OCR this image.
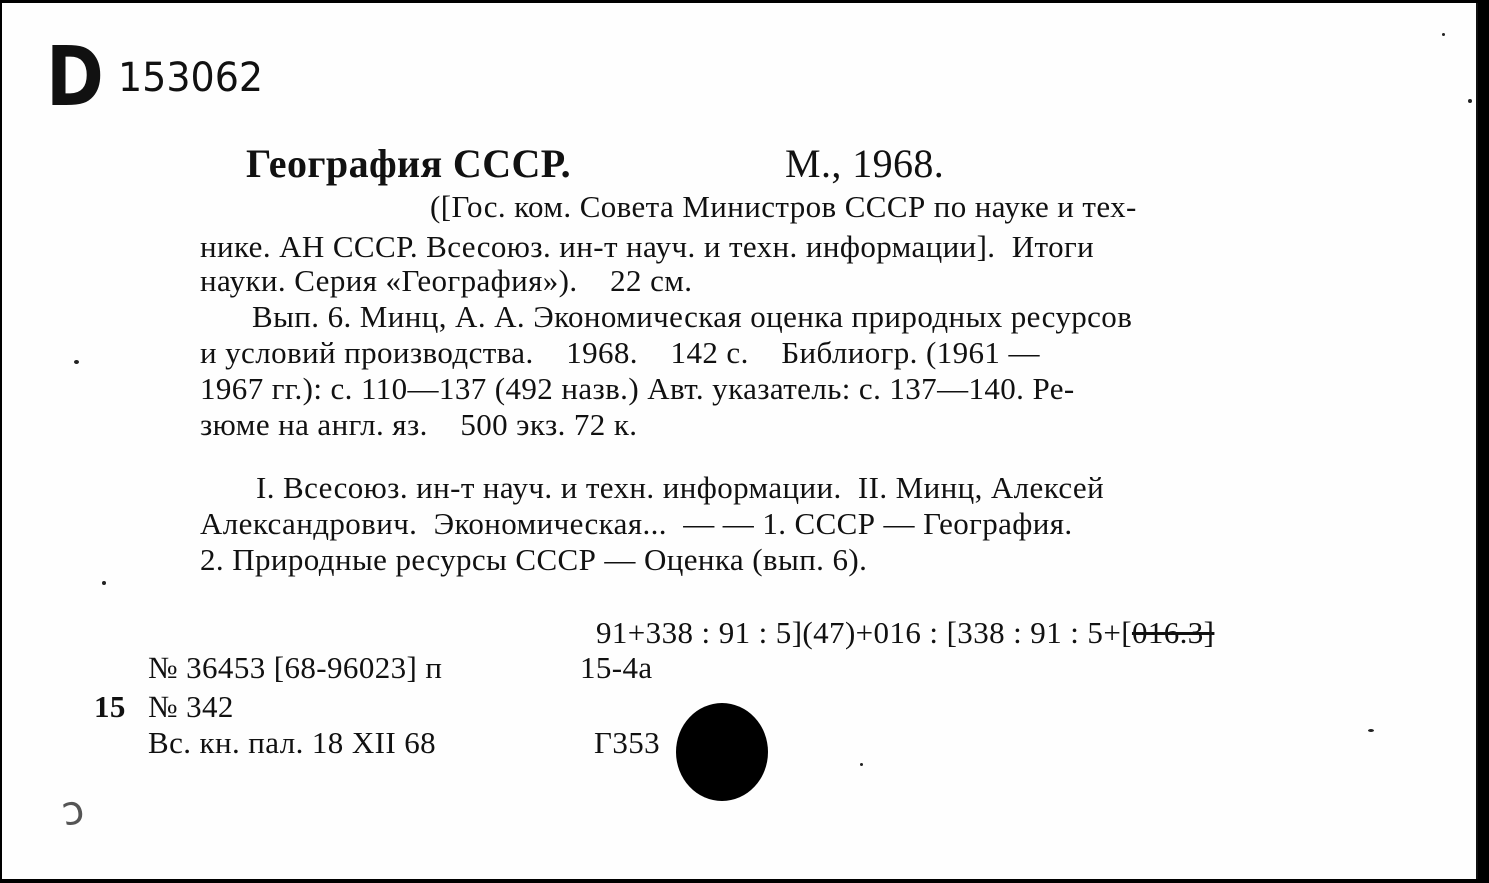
D 153062
География СССР.	М., 1968.
([Гос. ком. Совета Министров СССР по науке и тех-
нике. АН СССР. Всесоюз. ин-т науч. и техн. информации].  Итоги
науки. Серия «География»).    22 см.
Вып. 6. Минц, А. А. Экономическая оценка природных ресурсов
и условий производства.    1968.    142 с.    Библиогр. (1961 —
1967 гг.): с. 110—137 (492 назв.) Авт. указатель: с. 137—140. Ре-
зюме на англ. яз.    500 экз. 72 к.
I. Всесоюз. ин-т науч. и техн. информации.  II. Минц, Алексей
Александрович.  Экономическая...  — — 1. СССР — География.
2. Природные ресурсы СССР — Оценка (вып. 6).
91+338 : 91 : 5](47)+016 : [338 : 91 : 5+[016.3]
№ 36453 [68-96023] п	15-4а
15 № 342
Вс. кн. пал. 18 XII 68	Г353
ɔ
